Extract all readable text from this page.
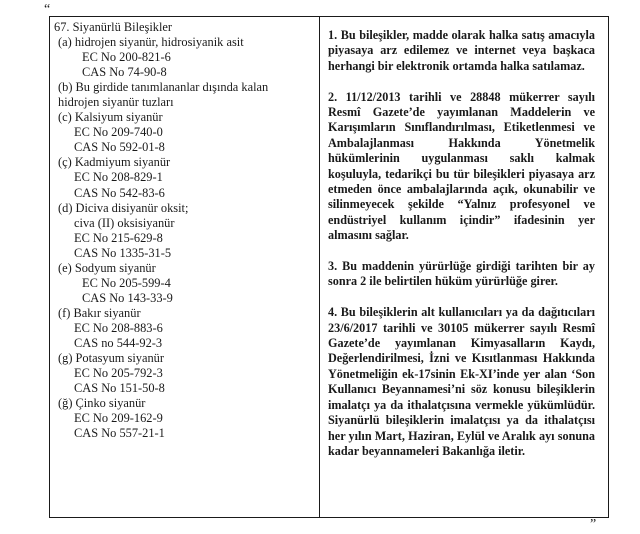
“
67. Siyanürlü Bileşikler
(a) hidrojen siyanür, hidrosiyanik asit
EC No 200-821-6
CAS No 74-90-8
(b) Bu girdide tanımlananlar dışında kalan
hidrojen siyanür tuzları
(c) Kalsiyum siyanür
EC No 209-740-0
CAS No 592-01-8
(ç) Kadmiyum siyanür
EC No 208-829-1
CAS No 542-83-6
(d) Diciva disiyanür oksit;
civa (II) oksisiyanür
EC No 215-629-8
CAS No 1335-31-5
(e) Sodyum siyanür
EC No 205-599-4
CAS No 143-33-9
(f) Bakır siyanür
EC No 208-883-6
CAS no 544-92-3
(g) Potasyum siyanür
EC No 205-792-3
CAS No 151-50-8
(ğ) Çinko siyanür
EC No 209-162-9
CAS No 557-21-1

1. Bu bileşikler, madde olarak halka satış amacıyla piyasaya arz edilemez ve internet veya başkaca herhangi bir elektronik ortamda halka satılamaz.

2. 11/12/2013 tarihli ve 28848 mükerrer sayılı Resmî Gazete’de yayımlanan Maddelerin ve Karışımların Sınıflandırılması, Etiketlenmesi ve Ambalajlanması Hakkında Yönetmelik hükümlerinin uygulanması saklı kalmak koşuluyla, tedarikçi bu tür bileşikleri piyasaya arz etmeden önce ambalajlarında açık, okunabilir ve silinmeyecek şekilde “Yalnız profesyonel ve endüstriyel kullanım içindir” ifadesinin yer almasını sağlar.

3. Bu maddenin yürürlüğe girdiği tarihten bir ay sonra 2 ile belirtilen hüküm yürürlüğe girer.

4. Bu bileşiklerin alt kullanıcıları ya da dağıtıcıları 23/6/2017 tarihli ve 30105 mükerrer sayılı Resmî Gazete’de yayımlanan Kimyasalların Kaydı, Değerlendirilmesi, İzni ve Kısıtlanması Hakkında Yönetmeliğin ek-17sinin Ek-XI’inde yer alan ‘Son Kullanıcı Beyannamesi’ni söz konusu bileşiklerin imalatçı ya da ithalatçısına vermekle yükümlüdür. Siyanürlü bileşiklerin imalatçısı ya da ithalatçısı her yılın Mart, Haziran, Eylül ve Aralık ayı sonuna kadar beyannameleri Bakanlığa iletir.

”
